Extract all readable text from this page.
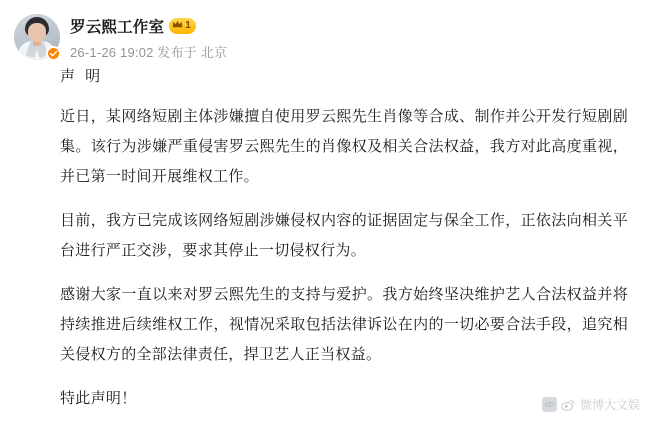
罗云熙工作室 1
26-1-26 19:02 发布于 北京
声 明

近日，某网络短剧主体涉嫌擅自使用罗云熙先生肖像等合成、制作并公开发行短剧剧集。该行为涉嫌严重侵害罗云熙先生的肖像权及相关合法权益，我方对此高度重视，并已第一时间开展维权工作。

目前，我方已完成该网络短剧涉嫌侵权内容的证据固定与保全工作，正依法向相关平台进行严正交涉，要求其停止一切侵权行为。

感谢大家一直以来对罗云熙先生的支持与爱护。我方始终坚决维护艺人合法权益并将持续推进后续维权工作，视情况采取包括法律诉讼在内的一切必要合法手段，追究相关侵权方的全部法律责任，捍卫艺人正当权益。

特此声明！	微博大文娱
